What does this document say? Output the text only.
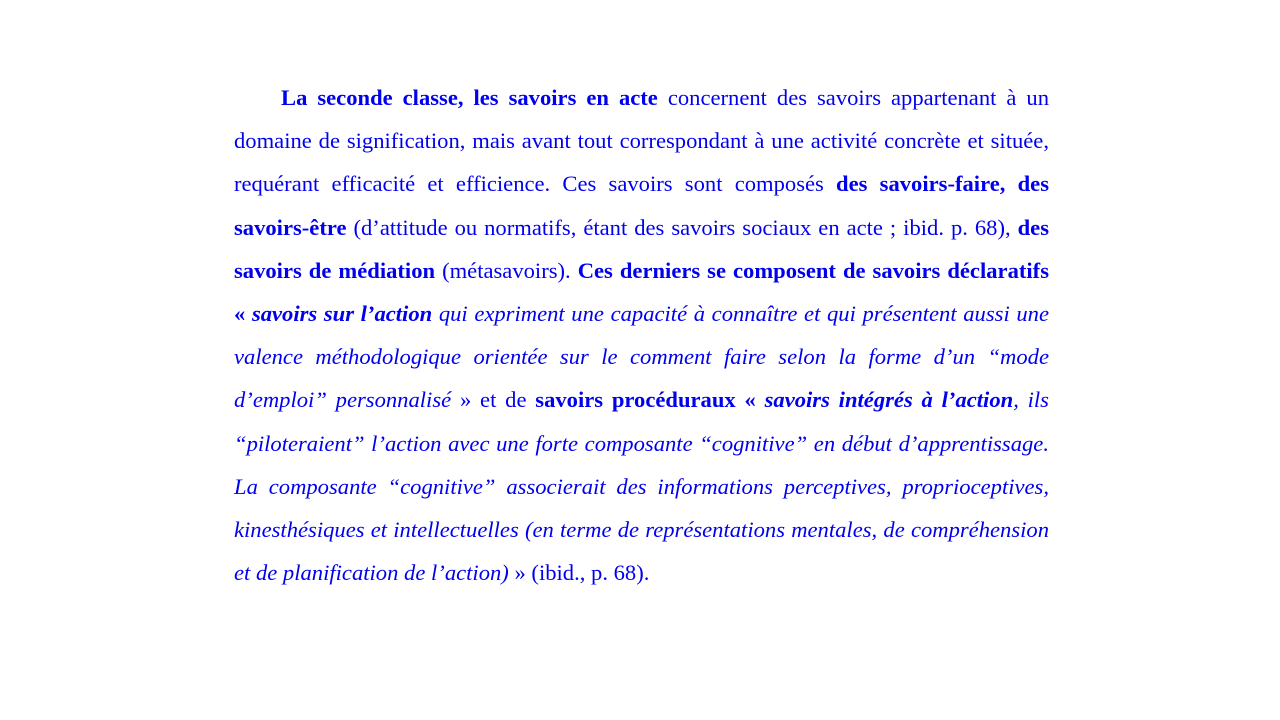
La seconde classe, les savoirs en acte concernent des savoirs appartenant à un domaine de signification, mais avant tout correspondant à une activité concrète et située, requérant efficacité et efficience. Ces savoirs sont composés des savoirs-faire, des savoirs-être (d’attitude ou normatifs, étant des savoirs sociaux en acte ; ibid. p. 68), des savoirs de médiation (métasavoirs). Ces derniers se composent de savoirs déclaratifs « savoirs sur l’action qui expriment une capacité à connaître et qui présentent aussi une valence méthodologique orientée sur le comment faire selon la forme d’un “mode d’emploi” personnalisé » et de savoirs procéduraux « savoirs intégrés à l’action, ils “piloteraient” l’action avec une forte composante “cognitive” en début d’apprentissage. La composante “cognitive” associerait des informations perceptives, proprioceptives, kinesthésiques et intellectuelles (en terme de représentations mentales, de compréhension et de planification de l’action) » (ibid., p. 68).
